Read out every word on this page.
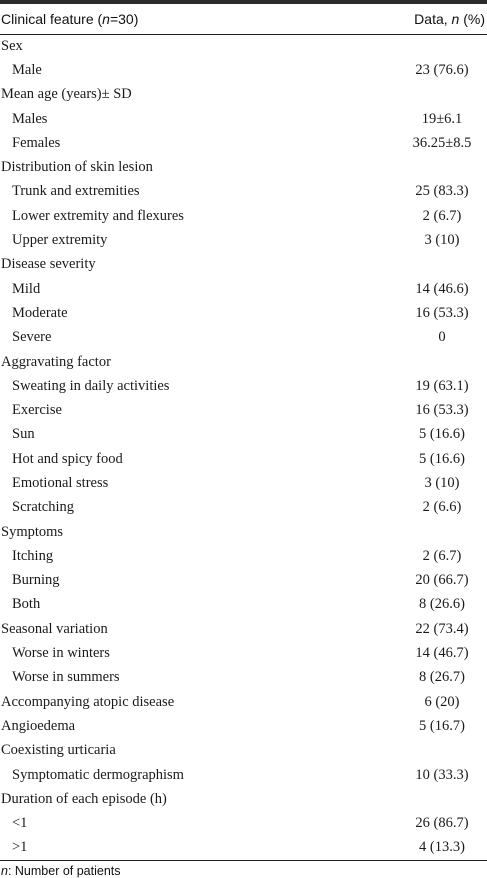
Clinical feature (n=30)	Data, n (%)
Sex	
Male	23 (76.6)
Mean age (years)± SD	
Males	19±6.1
Females	36.25±8.5
Distribution of skin lesion	
Trunk and extremities	25 (83.3)
Lower extremity and flexures	2 (6.7)
Upper extremity	3 (10)
Disease severity	
Mild	14 (46.6)
Moderate	16 (53.3)
Severe	0
Aggravating factor	
Sweating in daily activities	19 (63.1)
Exercise	16 (53.3)
Sun	5 (16.6)
Hot and spicy food	5 (16.6)
Emotional stress	3 (10)
Scratching	2 (6.6)
Symptoms	
Itching	2 (6.7)
Burning	20 (66.7)
Both	8 (26.6)
Seasonal variation	22 (73.4)
Worse in winters	14 (46.7)
Worse in summers	8 (26.7)
Accompanying atopic disease	6 (20)
Angioedema	5 (16.7)
Coexisting urticaria	
Symptomatic dermographism	10 (33.3)
Duration of each episode (h)	
<1	26 (86.7)
>1	4 (13.3)
n: Number of patients
